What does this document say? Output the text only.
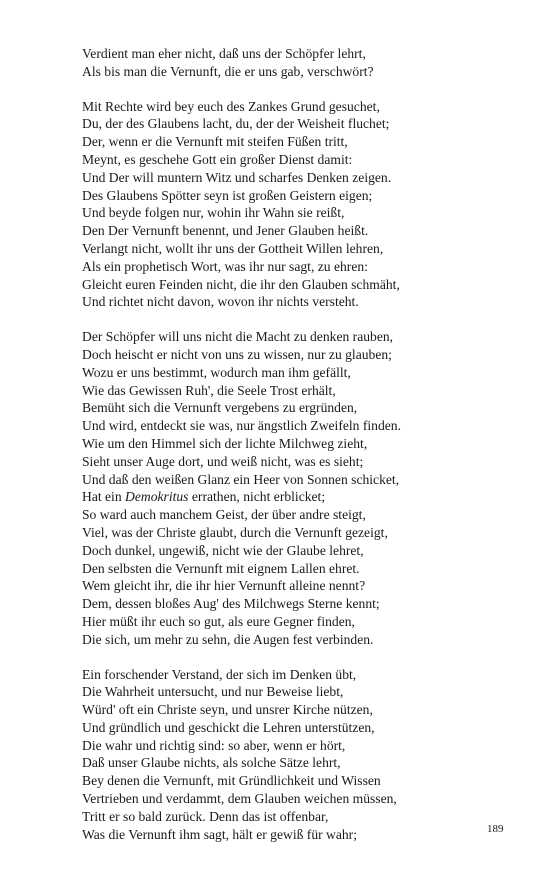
Verdient man eher nicht, daß uns der Schöpfer lehrt,
Als bis man die Vernunft, die er uns gab, verschwört?
Mit Rechte wird bey euch des Zankes Grund gesuchet,
Du, der des Glaubens lacht, du, der der Weisheit fluchet;
Der, wenn er die Vernunft mit steifen Füßen tritt,
Meynt, es geschehe Gott ein großer Dienst damit:
Und Der will muntern Witz und scharfes Denken zeigen.
Des Glaubens Spötter seyn ist großen Geistern eigen;
Und beyde folgen nur, wohin ihr Wahn sie reißt,
Den Der Vernunft benennt, und Jener Glauben heißt.
Verlangt nicht, wollt ihr uns der Gottheit Willen lehren,
Als ein prophetisch Wort, was ihr nur sagt, zu ehren:
Gleicht euren Feinden nicht, die ihr den Glauben schmäht,
Und richtet nicht davon, wovon ihr nichts versteht.
Der Schöpfer will uns nicht die Macht zu denken rauben,
Doch heischt er nicht von uns zu wissen, nur zu glauben;
Wozu er uns bestimmt, wodurch man ihm gefällt,
Wie das Gewissen Ruh', die Seele Trost erhält,
Bemüht sich die Vernunft vergebens zu ergründen,
Und wird, entdeckt sie was, nur ängstlich Zweifeln finden.
Wie um den Himmel sich der lichte Milchweg zieht,
Sieht unser Auge dort, und weiß nicht, was es sieht;
Und daß den weißen Glanz ein Heer von Sonnen schicket,
Hat ein Demokritus errathen, nicht erblicket;
So ward auch manchem Geist, der über andre steigt,
Viel, was der Christe glaubt, durch die Vernunft gezeigt,
Doch dunkel, ungewiß, nicht wie der Glaube lehret,
Den selbsten die Vernunft mit eignem Lallen ehret.
Wem gleicht ihr, die ihr hier Vernunft alleine nennt?
Dem, dessen bloßes Aug' des Milchwegs Sterne kennt;
Hier müßt ihr euch so gut, als eure Gegner finden,
Die sich, um mehr zu sehn, die Augen fest verbinden.
Ein forschender Verstand, der sich im Denken übt,
Die Wahrheit untersucht, und nur Beweise liebt,
Würd' oft ein Christe seyn, und unsrer Kirche nützen,
Und gründlich und geschickt die Lehren unterstützen,
Die wahr und richtig sind: so aber, wenn er hört,
Daß unser Glaube nichts, als solche Sätze lehrt,
Bey denen die Vernunft, mit Gründlichkeit und Wissen
Vertrieben und verdammt, dem Glauben weichen müssen,
Tritt er so bald zurück. Denn das ist offenbar,
Was die Vernunft ihm sagt, hält er gewiß für wahr;	189
